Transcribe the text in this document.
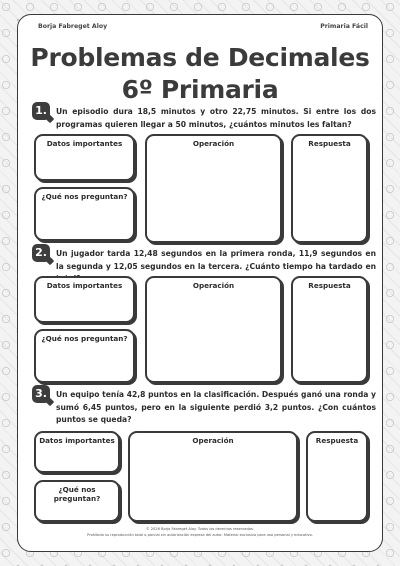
Borja Fabreget Aloy	Primaria Fácil
Problemas de Decimales
6º Primaria
1.	Un episodio dura 18,5 minutos y otro 22,75 minutos. Si entre los dos programas quieren llegar a 50 minutos, ¿cuántos minutos les faltan?
Datos importantes
¿Qué nos preguntan?
Operación	Respuesta
2.	Un jugador tarda 12,48 segundos en la primera ronda, 11,9 segundos en la segunda y 12,05 segundos en la tercera. ¿Cuánto tiempo ha tardado en
Datos importantes
¿Qué nos preguntan?
Operación	Respuesta
3.	Un equipo tenía 42,8 puntos en la clasificación. Después ganó una ronda y sumó 6,45 puntos, pero en la siguiente perdió 3,2 puntos. ¿Con cuántos puntos se queda?
Datos importantes
¿Qué nos preguntan?
Operación	Respuesta
© 2026 Borja Fabreget Aloy. Todos los derechos reservados.
Prohibida su reproducción total o parcial sin autorización expresa del autor. Material exclusivo para uso personal y educativo.
